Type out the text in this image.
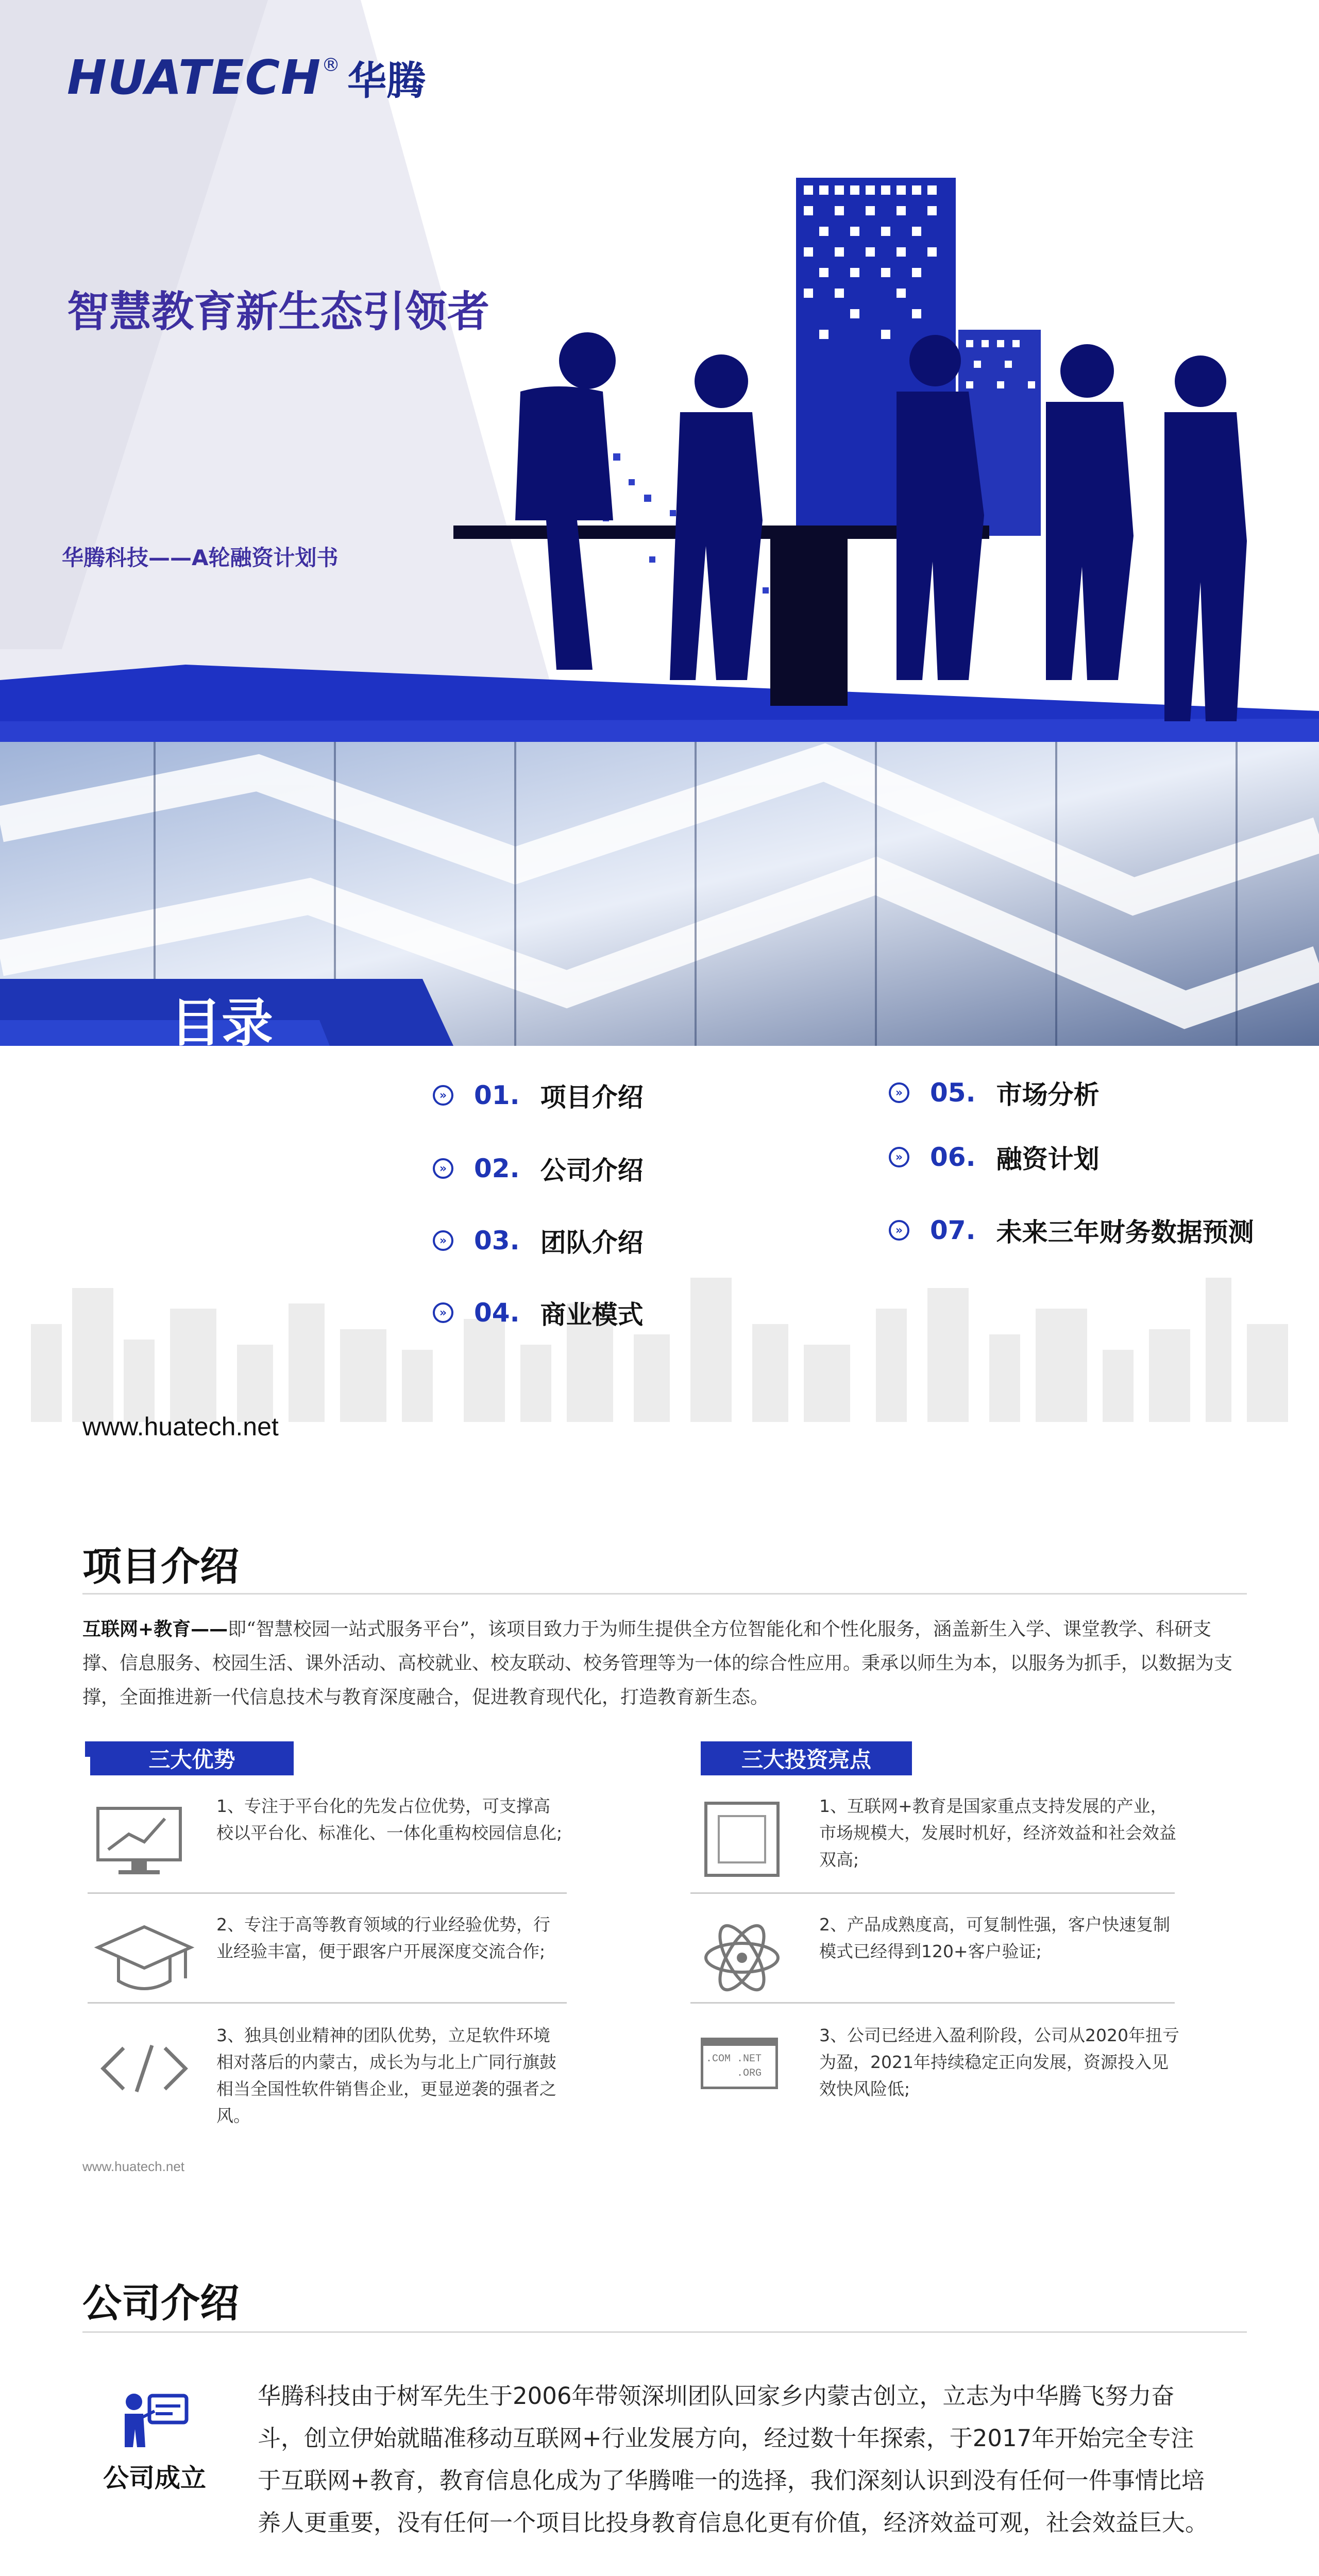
HUATECH ® 华腾
智慧教育新生态引领者
华腾科技——A轮融资计划书
目录
» 01. 项目介绍
» 02. 公司介绍
» 03. 团队介绍
» 04. 商业模式
» 05. 市场分析
» 06. 融资计划
» 07. 未来三年财务数据预测
www.huatech.net
项目介绍
互联网+教育——即“智慧校园一站式服务平台”，该项目致力于为师生提供全方位智能化和个性化服务，涵盖新生入学、课堂教学、科研支撑、信息服务、校园生活、课外活动、高校就业、校友联动、校务管理等为一体的综合性应用。秉承以师生为本，以服务为抓手，以数据为支撑，全面推进新一代信息技术与教育深度融合，促进教育现代化，打造教育新生态。
三大优势
1、专注于平台化的先发占位优势，可支撑高校以平台化、标准化、一体化重构校园信息化;
2、专注于高等教育领域的行业经验优势，行业经验丰富，便于跟客户开展深度交流合作;
3、独具创业精神的团队优势，立足软件环境相对落后的内蒙古，成长为与北上广同行旗鼓相当全国性软件销售企业，更显逆袭的强者之风。
三大投资亮点
1、互联网+教育是国家重点支持发展的产业，市场规模大，发展时机好，经济效益和社会效益双高;
2、产品成熟度高，可复制性强，客户快速复制模式已经得到120+客户验证;
.COM .NET
.ORG
3、公司已经进入盈利阶段，公司从2020年扭亏为盈，2021年持续稳定正向发展，资源投入见效快风险低;
www.huatech.net
公司介绍
公司成立
华腾科技由于树军先生于2006年带领深圳团队回家乡内蒙古创立，立志为中华腾飞努力奋斗，创立伊始就瞄准移动互联网+行业发展方向，经过数十年探索，于2017年开始完全专注于互联网+教育，教育信息化成为了华腾唯一的选择，我们深刻认识到没有任何一件事情比培养人更重要，没有任何一个项目比投身教育信息化更有价值，经济效益可观，社会效益巨大。
